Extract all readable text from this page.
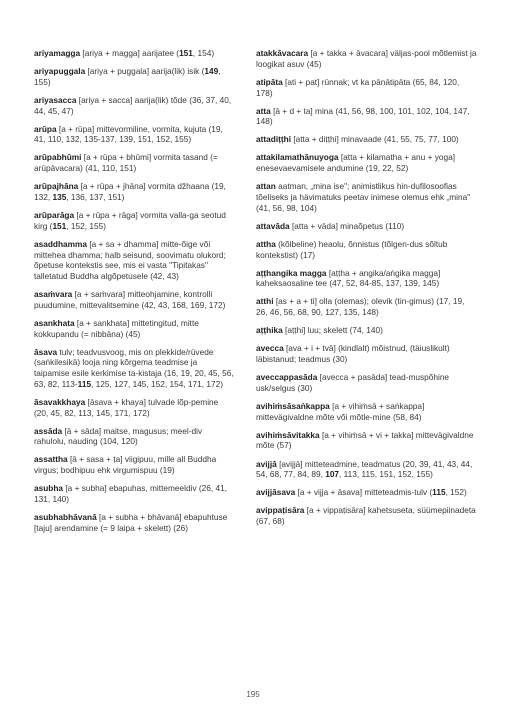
ariyamagga [ariya + magga] aarijatee (151, 154)

ariyapuggala [ariya + puggala] aarija(lik) isik (149, 155)

ariyasacca [ariya + sacca] aarija(lik) tõde (36, 37, 40, 44, 45, 47)

arūpa [a + rūpa] mittevormiline, vormita, kujuta (19, 41, 110, 132, 135-137, 139, 151, 152, 155)

arūpabhūmi [a + rūpa + bhūmi] vormita tasand (= arūpāvacara) (41, 110, 151)

arūpajhāna [a + rūpa + jhāna] vormita džhaana (19, 132, 135, 136, 137, 151)

arūparāga [a + rūpa + rāga] vormita valla-ga seotud kirg (151, 152, 155)

asaddhamma [a + sa + dhamma] mitte-õige või mittehea dhamma; halb seisund, soovimatu olukord; õpetuse kontekstis see, mis ei vasta "Tipitakas" talletatud Buddha algõpetusele (42, 43)

asaṁvara [a + saṁvara] mitteohjamine, kontrolli puudumine, mittevalitsemine (42, 43, 168, 169, 172)

asankhata [a + sankhata] mittetingitud, mitte kokkupandu (= nibbāna) (45)

āsava tulv; teadvusvoog, mis on plekkide/rüvede (saṅkilesikā) looja ning kõrgema teadmise ja taipamise esile kerkimise ta-kistaja (16, 19, 20, 45, 56, 63, 82, 113-115, 125, 127, 145, 152, 154, 171, 172)

āsavakkhaya [āsava + khaya] tulvade lõp-pemine (20, 45, 82, 113, 145, 171, 172)

assāda [ā + sāda] maitse, magusus; meel-div rahulolu, nauding (104, 120)

assattha [ā + sasa + ṭa] viigipuu, mille all Buddha virgus; bodhipuu ehk virgumispuu (19)

asubha [a + subha] ebapuhas, mittemeeldiv (26, 41, 131, 140)

asubhabhāvanā [a + subha + bhāvanā] ebapuhtuse [taju] arendamine (= 9 laipa + skelett) (26)

atakkāvacara [a + takka + āvacara] väljas-pool mõtlemist ja loogikat asuv (45)

atipāta [ati + pat] rünnak; vt ka pāṇātipāta (65, 84, 120, 178)

atta [ā + d + ta] mina (41, 56, 98, 100, 101, 102, 104, 147, 148)

attadiṭṭhi [atta + diṭṭhi] minavaade (41, 55, 75, 77, 100)

attakilamathānuyoga [atta + kilamatha + anu + yoga] enesevaevamisele andumine (19, 22, 52)

attan aatman, „mina ise"; animistlikus hin-duﬁlosooﬁas tõeliseks ja hävimatuks peetav inimese olemus ehk „mina" (41, 56, 98, 104)

attavāda [atta + vāda] minaõpetus (110)

attha (kõlbeline) heaolu, õnnistus (tõlgen-dus sõltub kontekstist) (17)

aṭṭhangika magga [aṭṭha + angika/aṅgika magga] kaheksaosaline tee (47, 52, 84-85, 137, 139, 145)

atthi [as + a + ti] olla (olemas); olevik (tin-gimus) (17, 19, 26, 46, 56, 68, 90, 127, 135, 148)

aṭṭhika [aṭṭhi] luu; skelett (74, 140)

avecca [ava + i + tvā] (kindlalt) mõistnud, (täiuslikult) läbistanud; teadmus (30)

aveccappasāda [avecca + pasāda] tead-muspõhine usk/selgus (30)

avihiṁsāsaṅkappa [a + vihiṁsā + saṅkappa] mittevägivaldne mõte või mõtle-mine (58, 84)

avihiṁsāvitakka [a + vihiṁsā + vi + takka] mittevägivaldne mõte (57)

avijjā [avijjā] mitteteadmine, teadmatus (20, 39, 41, 43, 44, 54, 68, 77, 84, 89, 107, 113, 115, 151, 152, 155)

avijjāsava [a + vijja + āsava] mitteteadmis-tulv (115, 152)

avippaṭisāra [a + vippaṭisāra] kahetsuseta, süümepiinadeta (67, 68)

195
